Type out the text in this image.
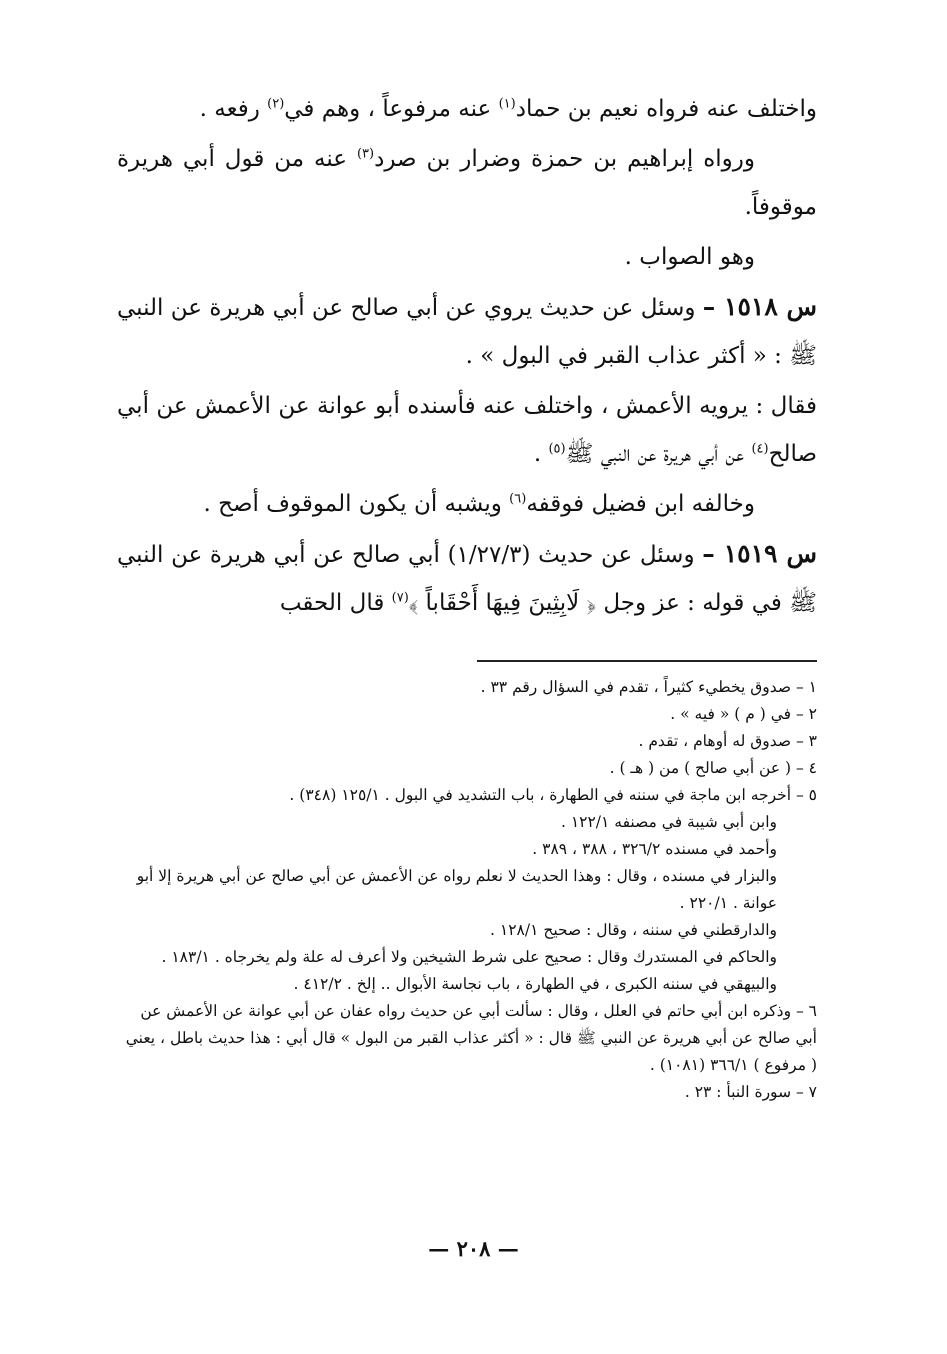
واختلف عنه فرواه نعيم بن حماد$^{(١)}$ عنه مرفوعاً ، وهم في$^{(٢)}$ رفعه .

ورواه إبراهيم بن حمزة وضرار بن صرد$^{(٣)}$ عنه من قول أبي هريرة موقوفاً.

وهو الصواب .

س ١٥١٨ – وسئل عن حديث يروي عن أبي صالح عن أبي هريرة عن النبي ﷺ : « أكثر عذاب القبر في البول » .

فقال : يرويه الأعمش ، واختلف عنه فأسنده أبو عوانة عن الأعمش عن أبي صالح$^{(٤)}$ عن أبي هريرة عن النبي ﷺ$^{(٥)}$ .

وخالفه ابن فضيل فوقفه$^{(٦)}$ ويشبه أن يكون الموقوف أصح .

س ١٥١٩ – وسئل عن حديث (١/٢٧/٣) أبي صالح عن أبي هريرة عن النبي ﷺ في قوله : عز وجل ﴿ لَابِثِينَ فِيهَا أَحْقَاباً ﴾$^{(٧)}$ قال الحقب

١ – صدوق يخطيء كثيراً ، تقدم في السؤال رقم ٣٣ .

٢ – في ( م ) « فيه » .

٣ – صدوق له أوهام ، تقدم .

٤ – ( عن أبي صالح ) من ( هـ ) .

٥ – أخرجه ابن ماجة في سننه في الطهارة ، باب التشديد في البول . ١٢٥/١ (٣٤٨) .

وابن أبي شيبة في مصنفه ١٢٢/١ .

وأحمد في مسنده ٣٢٦/٢ ، ٣٨٨ ، ٣٨٩ .

والبزار في مسنده ، وقال : وهذا الحديث لا نعلم رواه عن الأعمش عن أبي صالح عن أبي هريرة إلا أبو عوانة . ٢٢٠/١ .

والدارقطني في سننه ، وقال : صحيح ١٢٨/١ .

والحاكم في المستدرك وقال : صحيح على شرط الشيخين ولا أعرف له علة ولم يخرجاه . ١٨٣/١ .

والبيهقي في سننه الكبرى ، في الطهارة ، باب نجاسة الأبوال .. إلخ . ٤١٢/٢ .

٦ – وذكره ابن أبي حاتم في العلل ، وقال : سألت أبي عن حديث رواه عفان عن أبي عوانة عن الأعمش عن أبي صالح عن أبي هريرة عن النبي ﷺ قال : « أكثر عذاب القبر من البول » قال أبي : هذا حديث باطل ، يعني ( مرفوع ) ٣٦٦/١ (١٠٨١) .

٧ – سورة النبأ : ٢٣ .

— ٢٠٨ —
